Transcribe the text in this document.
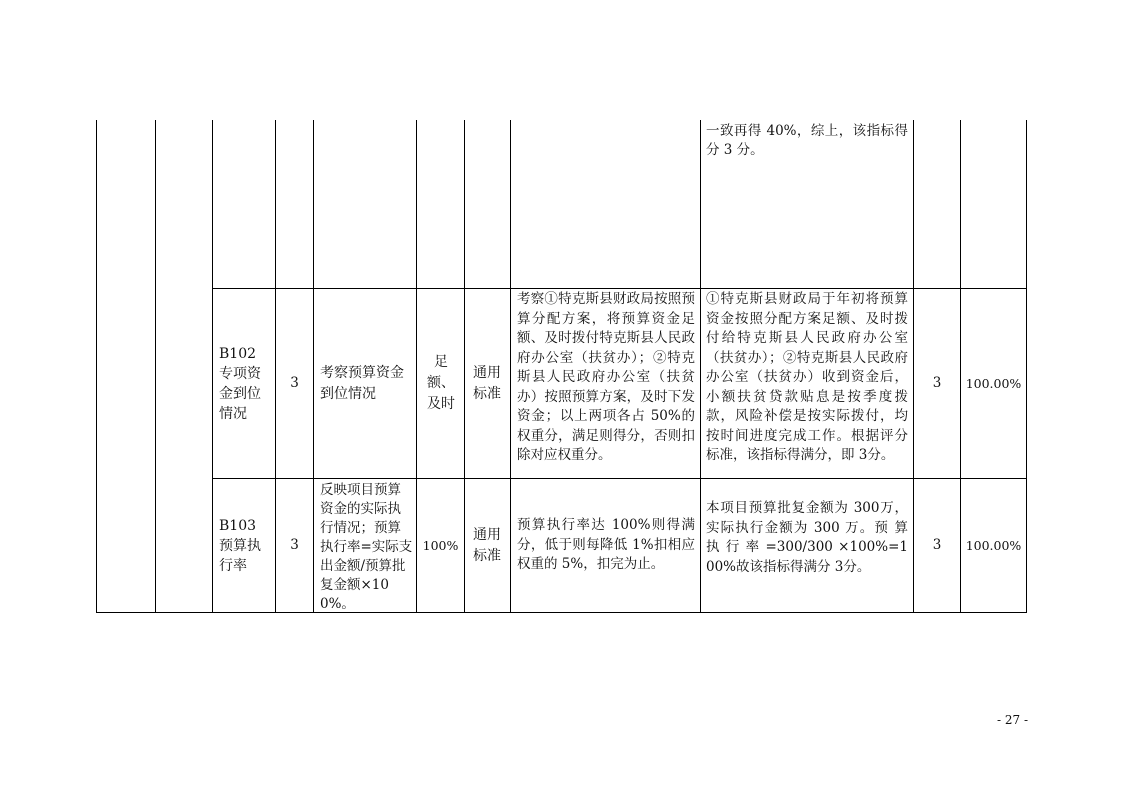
一致再得 40%，综上，该指标得分 3 分。
B102
专项资金到位情况
3
考察预算资金到位情况
足额、及时
通用标准
考察①特克斯县财政局按照预算分配方案，将预算资金足额、及时拨付特克斯县人民政府办公室（扶贫办）；②特克斯县人民政府办公室（扶贫办）按照预算方案，及时下发资金；以上两项各占 50%的权重分，满足则得分，否则扣除对应权重分。
①特克斯县财政局于年初将预算资金按照分配方案足额、及时拨付给特克斯县人民政府办公室（扶贫办）；②特克斯县人民政府办公室（扶贫办）收到资金后，小额扶贫贷款贴息是按季度拨款，风险补偿是按实际拨付，均按时间进度完成工作。根据评分标准，该指标得满分，即 3分。
3 100.00%
B103
预算执行率
3
反映项目预算资金的实际执行情况；预算执行率=实际支出金额/预算批复金额×100%。
100%
通用标准
预算执行率达 100%则得满分，低于则每降低 1%扣相应权重的 5%，扣完为止。
本项目预算批复金额为 300万，实际执行金额为 300 万。预 算 执 行 率 =300/300 ×100%=100%故该指标得满分 3分。
3 100.00%
- 27 -
